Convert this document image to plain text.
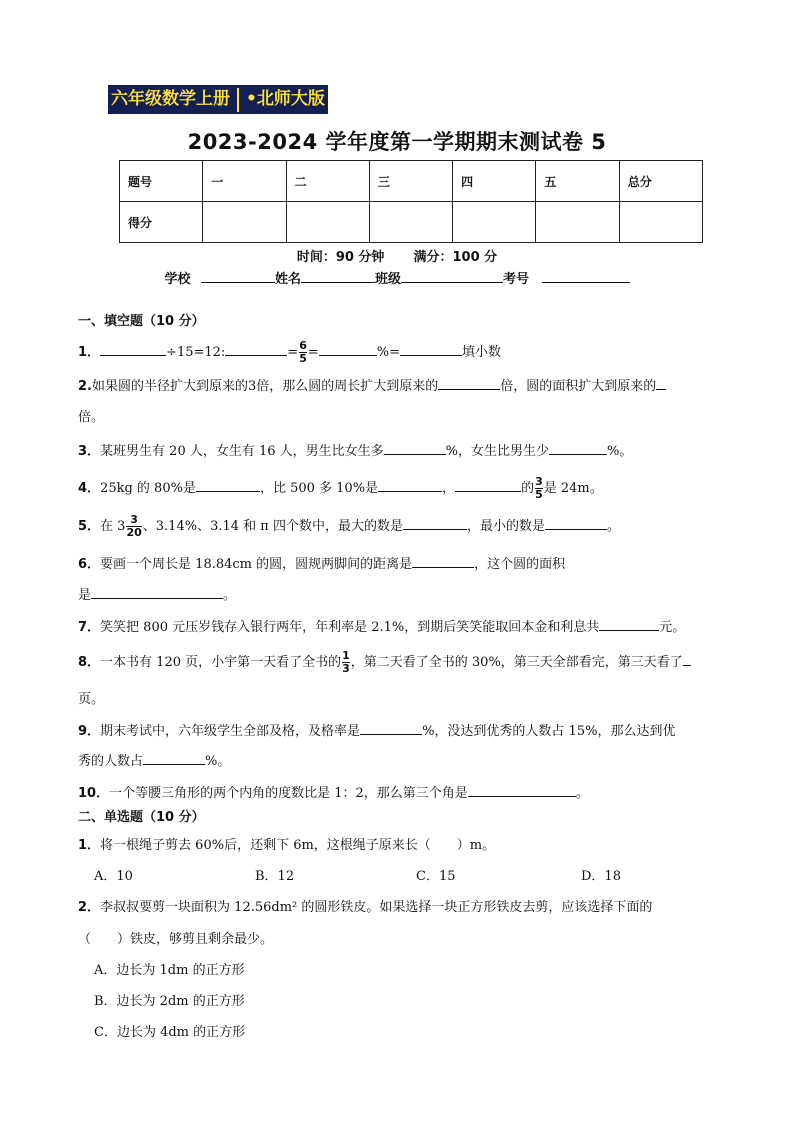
六年级数学上册 •北师大版
2023-2024 学年度第一学期期末测试卷 5
题号	一	二	三	四	五	总分
得分						
时间：90 分钟 满分：100 分
学校	姓名	班级	考号
一、填空题（10 分）
1．	÷15=12:	= $\frac{6}{5}$ =	%=	填小数
2.如果圆的半径扩大到原来的3倍，那么圆的周长扩大到原来的	倍，圆的面积扩大到原来的
倍。
3．某班男生有 20 人，女生有 16 人，男生比女生多	%，女生比男生少	%。
4．25kg 的 80%是	，比 500 多 10%是	，	的 $\frac{3}{5}$ 是 24m。
5．在 $3 \frac{3}{20}$ 、3.14%、3.14 和 π 四个数中，最大的数是	，最小的数是	。
6．要画一个周长是 18.84cm 的圆，圆规两脚间的距离是	，这个圆的面积
是	。
7．笑笑把 800 元压岁钱存入银行两年，年利率是 2.1%，到期后笑笑能取回本金和利息共	元。
8．一本书有 120 页，小宇第一天看了全书的 $\frac{1}{3}$ ，第二天看了全书的 30%，第三天全部看完，第三天看了
页。
9．期末考试中，六年级学生全部及格，及格率是	%，没达到优秀的人数占 15%，那么达到优
秀的人数占	%。
10．一个等腰三角形的两个内角的度数比是 1：2，那么第三个角是	。
二、单选题（10 分）
1．将一根绳子剪去 60%后，还剩下 6m，这根绳子原来长（　　）m。
A．10	B．12	C．15	D．18
2．李叔叔要剪一块面积为 12.56dm² 的圆形铁皮。如果选择一块正方形铁皮去剪，应该选择下面的
（　　）铁皮，够剪且剩余最少。
A．边长为 1dm 的正方形
B．边长为 2dm 的正方形
C．边长为 4dm 的正方形
